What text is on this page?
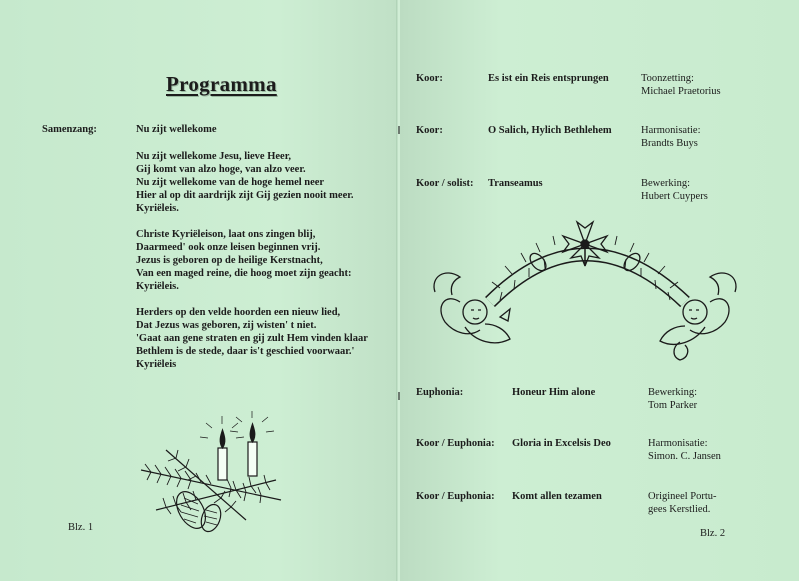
Programma
Samenzang:	Nu zijt wellekome
Nu zijt wellekome Jesu, lieve Heer,
Gij komt van alzo hoge, van alzo veer.
Nu zijt wellekome van de hoge hemel neer
Hier al op dit aardrijk zijt Gij gezien nooit meer.
Kyriëleis.
Christe Kyriëleison, laat ons zingen blij,
Daarmeed' ook onze leisen beginnen vrij.
Jezus is geboren op de heilige Kerstnacht,
Van een maged reine, die hoog moet zijn geacht:
Kyriëleis.
Herders op den velde hoorden een nieuw lied,
Dat Jezus was geboren, zij wisten' t niet.
'Gaat aan gene straten en gij zult Hem vinden klaar
Bethlem is de stede, daar is't geschied voorwaar.'
Kyriëleis
Blz. 1
Koor:	Es ist ein Reis entsprungen	Toonzetting:
Michael Praetorius
Koor:	O Salich, Hylich Bethlehem	Harmonisatie:
Brandts Buys
Koor / solist: Transeamus	Bewerking:
Hubert Cuypers
Euphonia:	Honeur Him alone	Bewerking:
Tom Parker
Koor / Euphonia: Gloria in Excelsis Deo	Harmonisatie:
Simon. C. Jansen
Koor / Euphonia: Komt allen tezamen	Origineel Portu-
gees Kerstlied.
Blz. 2
